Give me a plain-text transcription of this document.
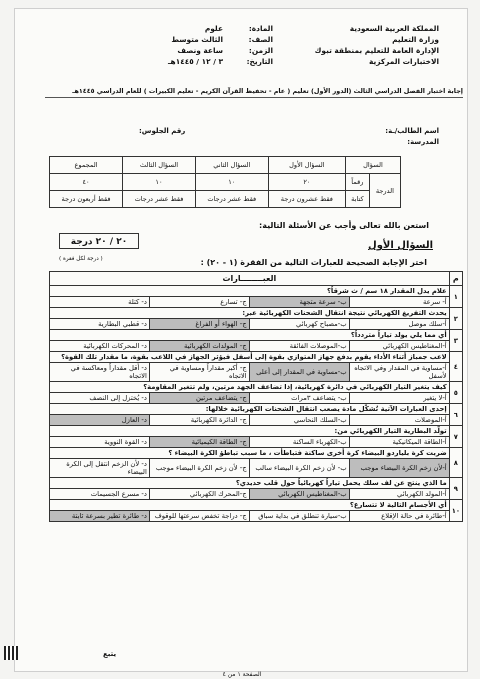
المملكة العربية السعودية
وزارة التعليم
الإدارة العامة للتعليم بمنطقة تبوك
الاختبارات المركزية
المادة:
علوم
الصف:
الثالث متوسط
الزمن:
ساعة ونصف
التاريخ:
٣ / ١٢ / ١٤٤٥هـ
إجابة اختبار الفصل الدراسي الثالث (الدور الأول) تعليم ( عام - تحفيظ القرآن الكريم - تعليم الكبيرات ) للعام الدراسي ١٤٤٥هـ
اسم الطالب/ـة:
رقم الجلوس:
المدرسة:
السؤال		السؤال الأول	السؤال الثاني	السؤال الثالث	المجموع
الدرجة	رقماً	٢٠	١٠	١٠	٤٠
	كتابة	فقط عشرون درجة	فقط عشر درجات	فقط عشر درجات	فقط أربعون درجة
استعن بالله تعالى وأجب عن الأسئلة التالية:
السؤال الأول
٢٠ / ٢٠ درجة
( درجة لكل فقرة )	اختر الإجابة الصحيحة للعبارات التالية من الفقرة (١ - ٢٠) :
م	العبــــــــارات			
١	علام يدل المقدار ١٨ سم / ث شرقاً؟			
	أ- سرعة	ب- سرعة متجهة	ج- تسارع	د- كتلة
٢	يحدث التفريغ الكهربائي نتيجة انتقال الشحنات الكهربائية عبر:			
	أ-سلك موصل	ب-مصباح كهربائي	ج- الهواء أو الفراغ	د- قطبي البطارية
٣	أي مما يلي يولد تياراً متردداً؟			
	أ-المغناطيس الكهربائي	ب-الموصلات الفائقة	ج- المولدات الكهربائية	د- المحركات الكهربائية
٤	لاعب جمباز أثناء الأداء يقوم بدفع جهاز المتوازي بقوة إلى أسفل فيؤثر الجهاز في اللاعب بقوة، ما مقدار تلك القوة؟			
	أ-مساوية في المقدار وفي الاتجاه لأسفل	ب-مساوية في المقدار إلى أعلى	ج- أكبر مقداراً ومساوية في الاتجاه	د- أقل مقداراً ومعاكسة في الاتجاه
٥	كيف يتغير التيار الكهربائي في دائرة كهربائية، إذا تضاعف الجهد مرتين، ولم تتغير المقاومة؟			
	أ-لا يتغير	ب- يتضاعف ٣مرات	ج- يتضاعف مرتين	د- يُختزل إلى النصف
٦	إحدى العبارات الآتية تُشكّل مادة يصعب انتقال الشحنات الكهربائية خلالها:			
	أ-الموصلات	ب-السلك النحاسي	ج- الدائرة الكهربائية	د- العازل
٧	تولّد البطارية التيار الكهربائي من:			
	أ-الطاقة الميكانيكية	ب-الكهرباء الساكنة	ج- الطاقة الكيميائية	د- القوة النووية
٨	ضربت كرة بلياردو البيضاء كرة أخرى ساكنة فتباطأت ، ما سبب تباطؤ الكرة البيضاء ؟			
	أ-لأن زخم الكرة البيضاء موجب	ب- لأن زخم الكرة البيضاء سالب	ج- لأن زخم الكرة البيضاء موجب	د- لأن الزخم انتقل إلى الكرة البيضاء
٩	ما الذي ينتج عن لف سلك يحمل تياراً كهربائياً حول قلب حديدي؟			
	أ-المولد الكهربائي	ب-المغناطيس الكهربائي	ج-المحرك الكهربائي	د- مسرع الجسيمات
١٠	أي الأجسام التالية لا تتسارع؟			
	أ-طائرة في حالة الإقلاع	ب-سيارة تنطلق في بداية سباق	ج- دراجة تخفض سرعتها للوقوف	د- طائرة تطير بسرعة ثابتة
يتبع
الصفحة ١ من ٤
